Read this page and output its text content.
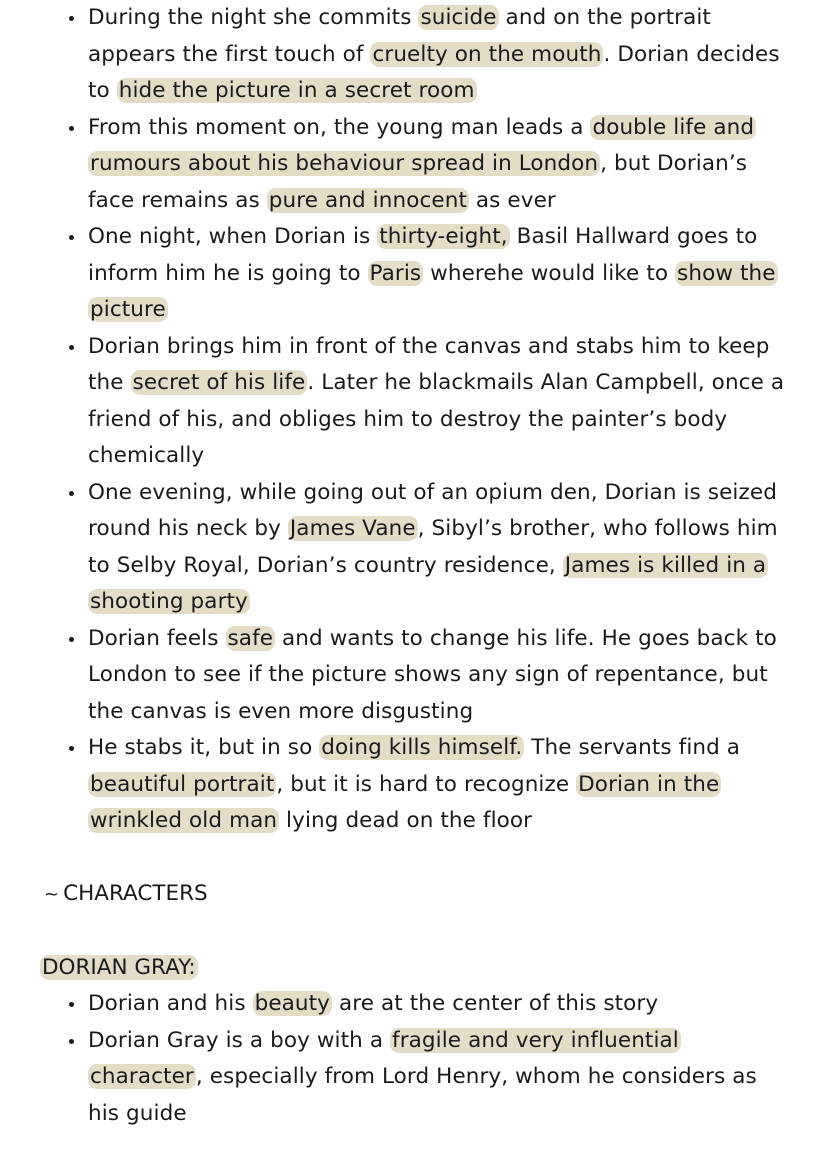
During the night she commits suicide and on the portrait appears the first touch of cruelty on the mouth. Dorian decides to hide the picture in a secret room
From this moment on, the young man leads a double life and rumours about his behaviour spread in London, but Dorian’s face remains as pure and innocent as ever
One night, when Dorian is thirty-eight, Basil Hallward goes to inform him he is going to Paris wherehe would like to show the picture
Dorian brings him in front of the canvas and stabs him to keep the secret of his life. Later he blackmails Alan Campbell, once a friend of his, and obliges him to destroy the painter’s body chemically
One evening, while going out of an opium den, Dorian is seized round his neck by James Vane, Sibyl’s brother, who follows him to Selby Royal, Dorian’s country residence, James is killed in a shooting party
Dorian feels safe and wants to change his life. He goes back to London to see if the picture shows any sign of repentance, but the canvas is even more disgusting
He stabs it, but in so doing kills himself. The servants find a beautiful portrait, but it is hard to recognize Dorian in the wrinkled old man lying dead on the floor
~ CHARACTERS
DORIAN GRAY:
Dorian and his beauty are at the center of this story
Dorian Gray is a boy with a fragile and very influential character, especially from Lord Henry, whom he considers as his guide
